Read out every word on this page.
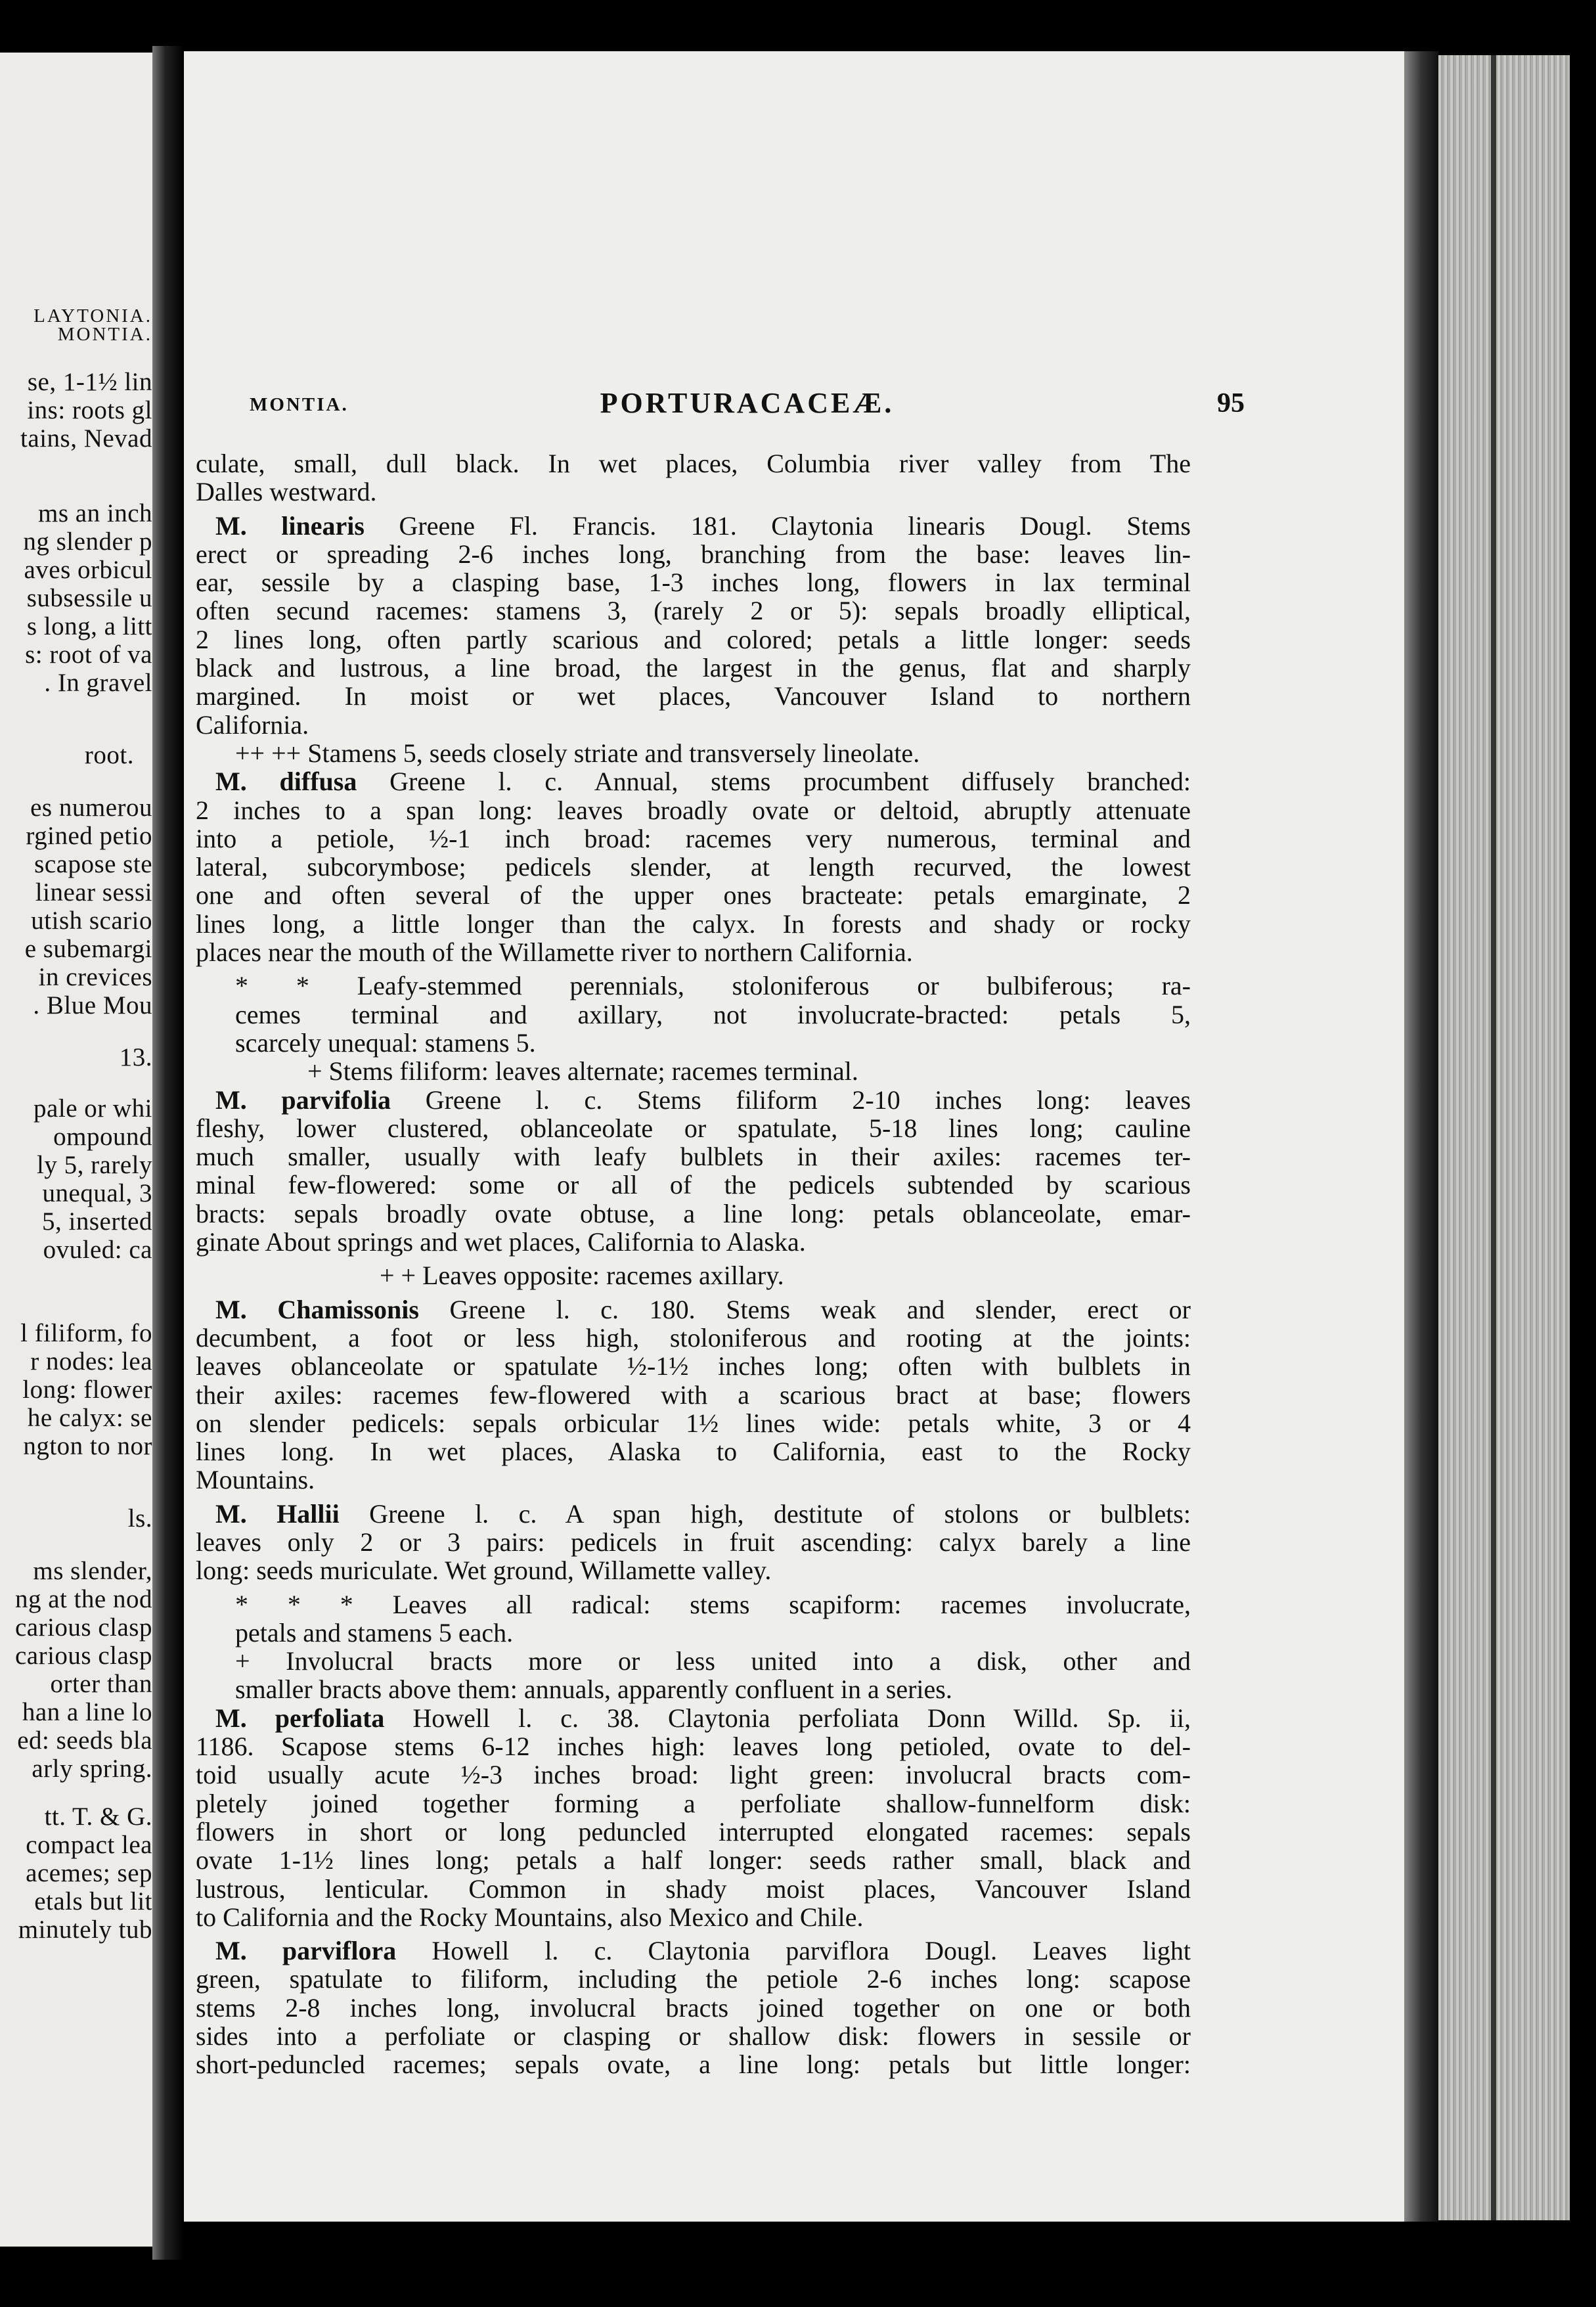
LAYTONIA.
MONTIA.
se, 1-1½ lin
ins: roots gl
tains, Nevad
ms an inch
ng slender p
aves orbicul
subsessile u
s long, a litt
s: root of va
. In gravel
root.
es numerou
rgined petio
scapose ste
linear sessi
utish scario
e subemargi
in crevices
. Blue Mou
13.
pale or whi
ompound
ly 5, rarely
unequal, 3
5, inserted
ovuled: ca
l filiform, fo
r nodes: lea
long: flower
he calyx: se
ngton to nor
ls.
ms slender,
ng at the nod
carious clasp
carious clasp
orter than
han a line lo
ed: seeds bla
arly spring.
tt. T. & G.
compact lea
acemes; sep
etals but lit
minutely tub
MONTIA.	PORTURACACEÆ.	95
culate, small, dull black. In wet places, Columbia river valley from The
Dalles westward.
M. linearis Greene Fl. Francis. 181. Claytonia linearis Dougl. Stems
erect or spreading 2-6 inches long, branching from the base: leaves lin-
ear, sessile by a clasping base, 1-3 inches long, flowers in lax terminal
often secund racemes: stamens 3, (rarely 2 or 5): sepals broadly elliptical,
2 lines long, often partly scarious and colored; petals a little longer: seeds
black and lustrous, a line broad, the largest in the genus, flat and sharply
margined. In moist or wet places, Vancouver Island to northern
California.
++ ++ Stamens 5, seeds closely striate and transversely lineolate.
M. diffusa Greene l. c. Annual, stems procumbent diffusely branched:
2 inches to a span long: leaves broadly ovate or deltoid, abruptly attenuate
into a petiole, ½-1 inch broad: racemes very numerous, terminal and
lateral, subcorymbose; pedicels slender, at length recurved, the lowest
one and often several of the upper ones bracteate: petals emarginate, 2
lines long, a little longer than the calyx. In forests and shady or rocky
places near the mouth of the Willamette river to northern California.
* * Leafy-stemmed perennials, stoloniferous or bulbiferous; ra-
cemes terminal and axillary, not involucrate-bracted: petals 5,
scarcely unequal: stamens 5.
+ Stems filiform: leaves alternate; racemes terminal.
M. parvifolia Greene l. c. Stems filiform 2-10 inches long: leaves
fleshy, lower clustered, oblanceolate or spatulate, 5-18 lines long; cauline
much smaller, usually with leafy bulblets in their axiles: racemes ter-
minal few-flowered: some or all of the pedicels subtended by scarious
bracts: sepals broadly ovate obtuse, a line long: petals oblanceolate, emar-
ginate About springs and wet places, California to Alaska.
+ + Leaves opposite: racemes axillary.
M. Chamissonis Greene l. c. 180. Stems weak and slender, erect or
decumbent, a foot or less high, stoloniferous and rooting at the joints:
leaves oblanceolate or spatulate ½-1½ inches long; often with bulblets in
their axiles: racemes few-flowered with a scarious bract at base; flowers
on slender pedicels: sepals orbicular 1½ lines wide: petals white, 3 or 4
lines long. In wet places, Alaska to California, east to the Rocky
Mountains.
M. Hallii Greene l. c. A span high, destitute of stolons or bulblets:
leaves only 2 or 3 pairs: pedicels in fruit ascending: calyx barely a line
long: seeds muriculate. Wet ground, Willamette valley.
* * * Leaves all radical: stems scapiform: racemes involucrate,
petals and stamens 5 each.
+ Involucral bracts more or less united into a disk, other and
smaller bracts above them: annuals, apparently confluent in a series.
M. perfoliata Howell l. c. 38. Claytonia perfoliata Donn Willd. Sp. ii,
1186. Scapose stems 6-12 inches high: leaves long petioled, ovate to del-
toid usually acute ½-3 inches broad: light green: involucral bracts com-
pletely joined together forming a perfoliate shallow-funnelform disk:
flowers in short or long peduncled interrupted elongated racemes: sepals
ovate 1-1½ lines long; petals a half longer: seeds rather small, black and
lustrous, lenticular. Common in shady moist places, Vancouver Island
to California and the Rocky Mountains, also Mexico and Chile.
M. parviflora Howell l. c. Claytonia parviflora Dougl. Leaves light
green, spatulate to filiform, including the petiole 2-6 inches long: scapose
stems 2-8 inches long, involucral bracts joined together on one or both
sides into a perfoliate or clasping or shallow disk: flowers in sessile or
short-peduncled racemes; sepals ovate, a line long: petals but little longer:
